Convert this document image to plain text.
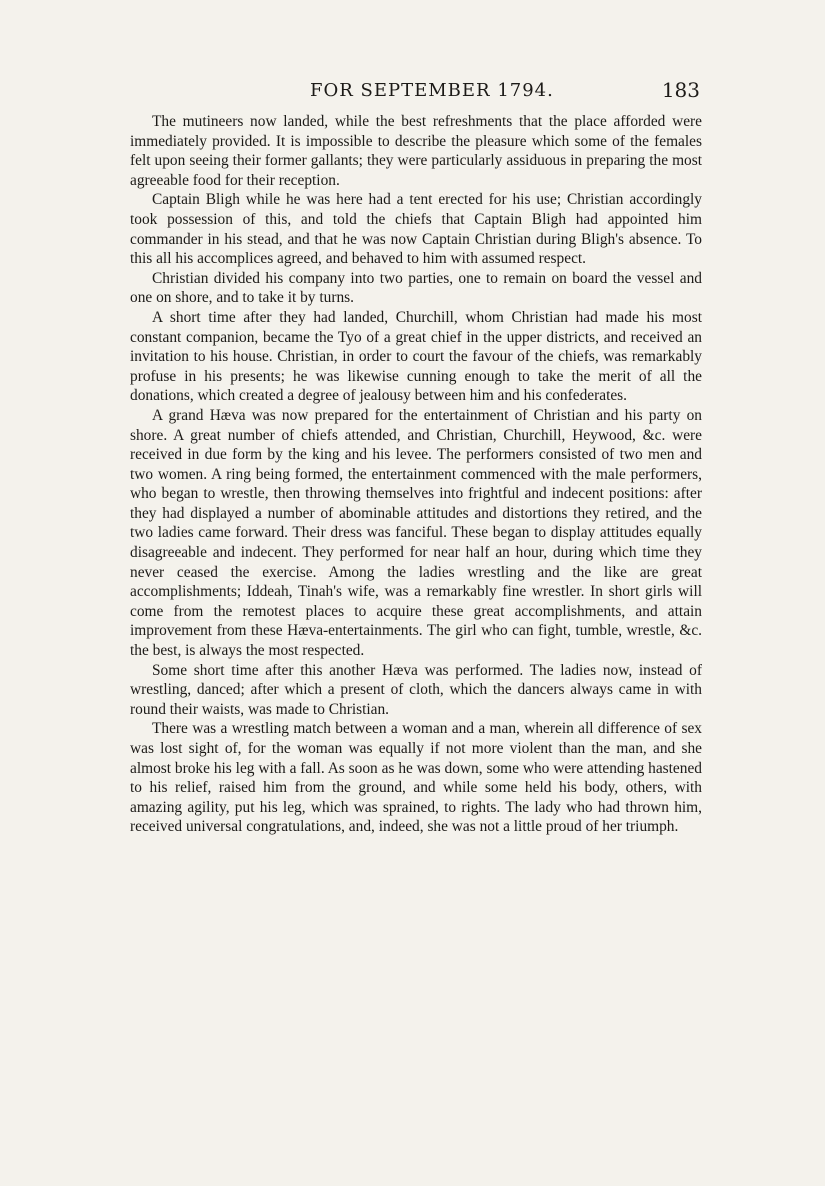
FOR SEPTEMBER 1794.	183

The mutineers now landed, while the best refreshments that the place afforded were immediately provided. It is impossible to describe the pleasure which some of the females felt upon seeing their former gallants; they were particularly assiduous in preparing the most agreeable food for their reception.

Captain Bligh while he was here had a tent erected for his use; Christian accordingly took possession of this, and told the chiefs that Captain Bligh had appointed him commander in his stead, and that he was now Captain Christian during Bligh's absence. To this all his accomplices agreed, and behaved to him with assumed respect.

Christian divided his company into two parties, one to remain on board the vessel and one on shore, and to take it by turns.

A short time after they had landed, Churchill, whom Christian had made his most constant companion, became the Tyo of a great chief in the upper districts, and received an invitation to his house. Christian, in order to court the favour of the chiefs, was remarkably profuse in his presents; he was likewise cunning enough to take the merit of all the donations, which created a degree of jealousy between him and his confederates.

A grand Hæva was now prepared for the entertainment of Christian and his party on shore. A great number of chiefs attended, and Christian, Churchill, Heywood, &c. were received in due form by the king and his levee. The performers consisted of two men and two women. A ring being formed, the entertainment commenced with the male performers, who began to wrestle, then throwing themselves into frightful and indecent positions: after they had displayed a number of abominable attitudes and distortions they retired, and the two ladies came forward. Their dress was fanciful. These began to display attitudes equally disagreeable and indecent. They performed for near half an hour, during which time they never ceased the exercise. Among the ladies wrestling and the like are great accomplishments; Iddeah, Tinah's wife, was a remarkably fine wrestler. In short girls will come from the remotest places to acquire these great accomplishments, and attain improvement from these Hæva-entertainments. The girl who can fight, tumble, wrestle, &c. the best, is always the most respected.

Some short time after this another Hæva was performed. The ladies now, instead of wrestling, danced; after which a present of cloth, which the dancers always came in with round their waists, was made to Christian.

There was a wrestling match between a woman and a man, wherein all difference of sex was lost sight of, for the woman was equally if not more violent than the man, and she almost broke his leg with a fall. As soon as he was down, some who were attending hastened to his relief, raised him from the ground, and while some held his body, others, with amazing agility, put his leg, which was sprained, to rights. The lady who had thrown him, received universal congratulations, and, indeed, she was not a little proud of her triumph.
